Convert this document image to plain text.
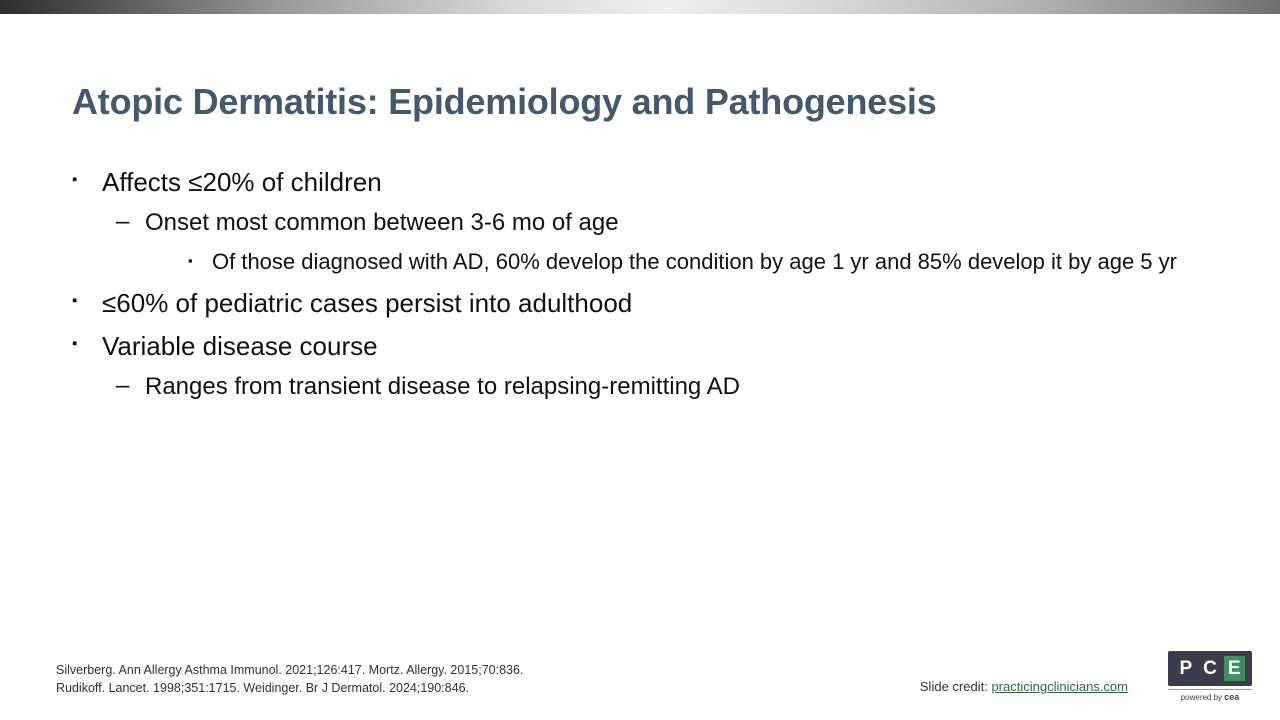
Atopic Dermatitis: Epidemiology and Pathogenesis
▪ Affects ≤20% of children
– Onset most common between 3-6 mo of age
▪ Of those diagnosed with AD, 60% develop the condition by age 1 yr and 85% develop it by age 5 yr
▪ ≤60% of pediatric cases persist into adulthood
▪ Variable disease course
– Ranges from transient disease to relapsing-remitting AD
Silverberg. Ann Allergy Asthma Immunol. 2021;126:417. Mortz. Allergy. 2015;70:836.
Rudikoff. Lancet. 1998;351:1715. Weidinger. Br J Dermatol. 2024;190:846.	Slide credit: practicingclinicians.com
P C E
powered by cea
